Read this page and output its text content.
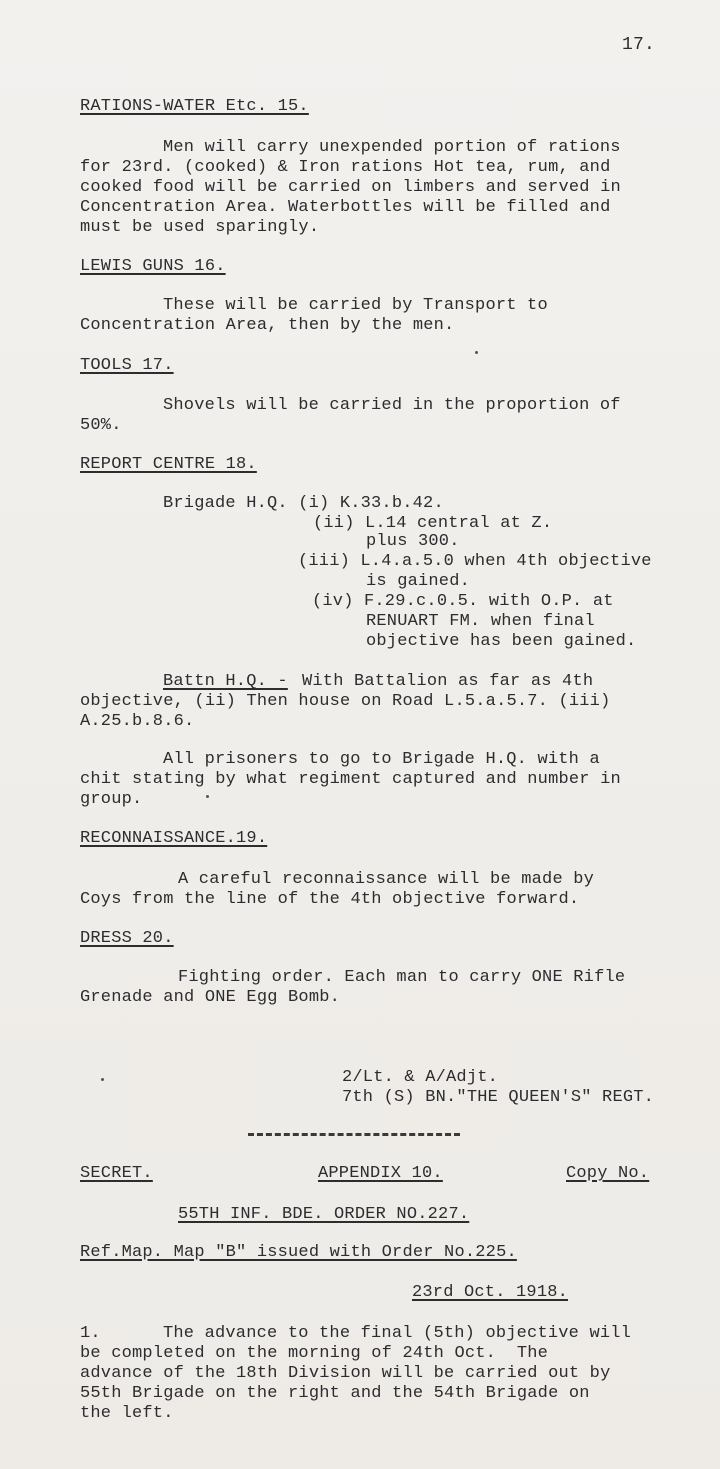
17.
RATIONS-WATER Etc. 15.
Men will carry unexpended portion of rations
for 23rd. (cooked) & Iron rations Hot tea, rum, and
cooked food will be carried on limbers and served in
Concentration Area. Waterbottles will be filled and
must be used sparingly.
LEWIS GUNS 16.
These will be carried by Transport to
Concentration Area, then by the men.
TOOLS 17.
Shovels will be carried in the proportion of
50%.
REPORT CENTRE 18.
Brigade H.Q. (i) K.33.b.42.
(ii) L.14 central at Z.
plus 300.
(iii) L.4.a.5.0 when 4th objective
is gained.
(iv) F.29.c.0.5. with O.P. at
RENUART FM. when final
objective has been gained.
Battn H.Q. - With Battalion as far as 4th
objective, (ii) Then house on Road L.5.a.5.7. (iii)
A.25.b.8.6.
All prisoners to go to Brigade H.Q. with a
chit stating by what regiment captured and number in
group.
RECONNAISSANCE.19.
A careful reconnaissance will be made by
Coys from the line of the 4th objective forward.
DRESS 20.
Fighting order. Each man to carry ONE Rifle
Grenade and ONE Egg Bomb.
2/Lt. & A/Adjt.
7th (S) BN."THE QUEEN'S" REGT.
SECRET.	APPENDIX 10.	Copy No.
55TH INF. BDE. ORDER NO.227.
Ref.Map. Map "B" issued with Order No.225.
23rd Oct. 1918.
1.	The advance to the final (5th) objective will
be completed on the morning of 24th Oct.  The
advance of the 18th Division will be carried out by
55th Brigade on the right and the 54th Brigade on
the left.
